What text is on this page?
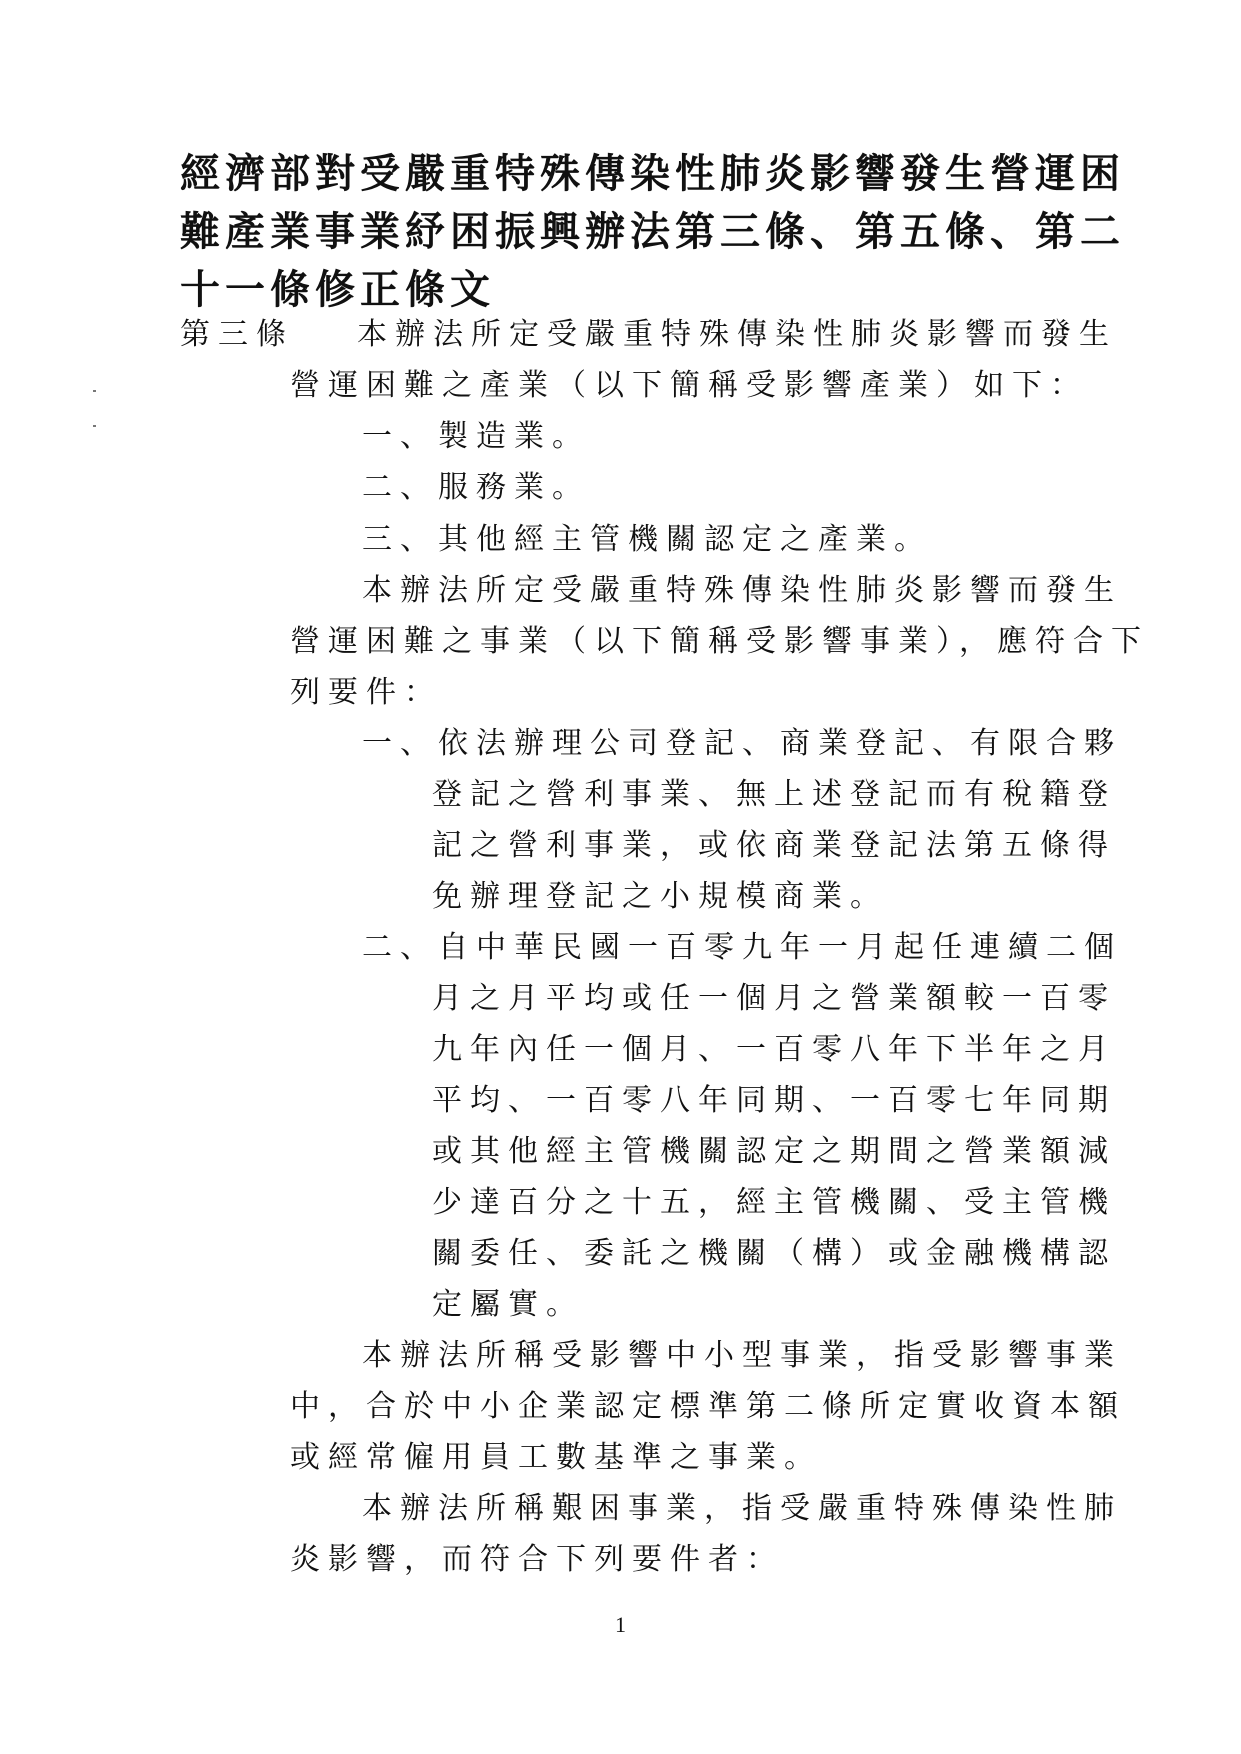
經濟部對受嚴重特殊傳染性肺炎影響發生營運困
難產業事業紓困振興辦法第三條、第五條、第二
十一條修正條文
第三條 本辦法所定受嚴重特殊傳染性肺炎影響而發生
營運困難之產業（以下簡稱受影響產業）如下：
一、製造業。
二、服務業。
三、其他經主管機關認定之產業。
本辦法所定受嚴重特殊傳染性肺炎影響而發生
營運困難之事業（以下簡稱受影響事業），應符合下
列要件：
一、依法辦理公司登記、商業登記、有限合夥
登記之營利事業、無上述登記而有稅籍登
記之營利事業，或依商業登記法第五條得
免辦理登記之小規模商業。
二、自中華民國一百零九年一月起任連續二個
月之月平均或任一個月之營業額較一百零
九年內任一個月、一百零八年下半年之月
平均、一百零八年同期、一百零七年同期
或其他經主管機關認定之期間之營業額減
少達百分之十五，經主管機關、受主管機
關委任、委託之機關（構）或金融機構認
定屬實。
本辦法所稱受影響中小型事業，指受影響事業
中，合於中小企業認定標準第二條所定實收資本額
或經常僱用員工數基準之事業。
本辦法所稱艱困事業，指受嚴重特殊傳染性肺
炎影響，而符合下列要件者：
1
